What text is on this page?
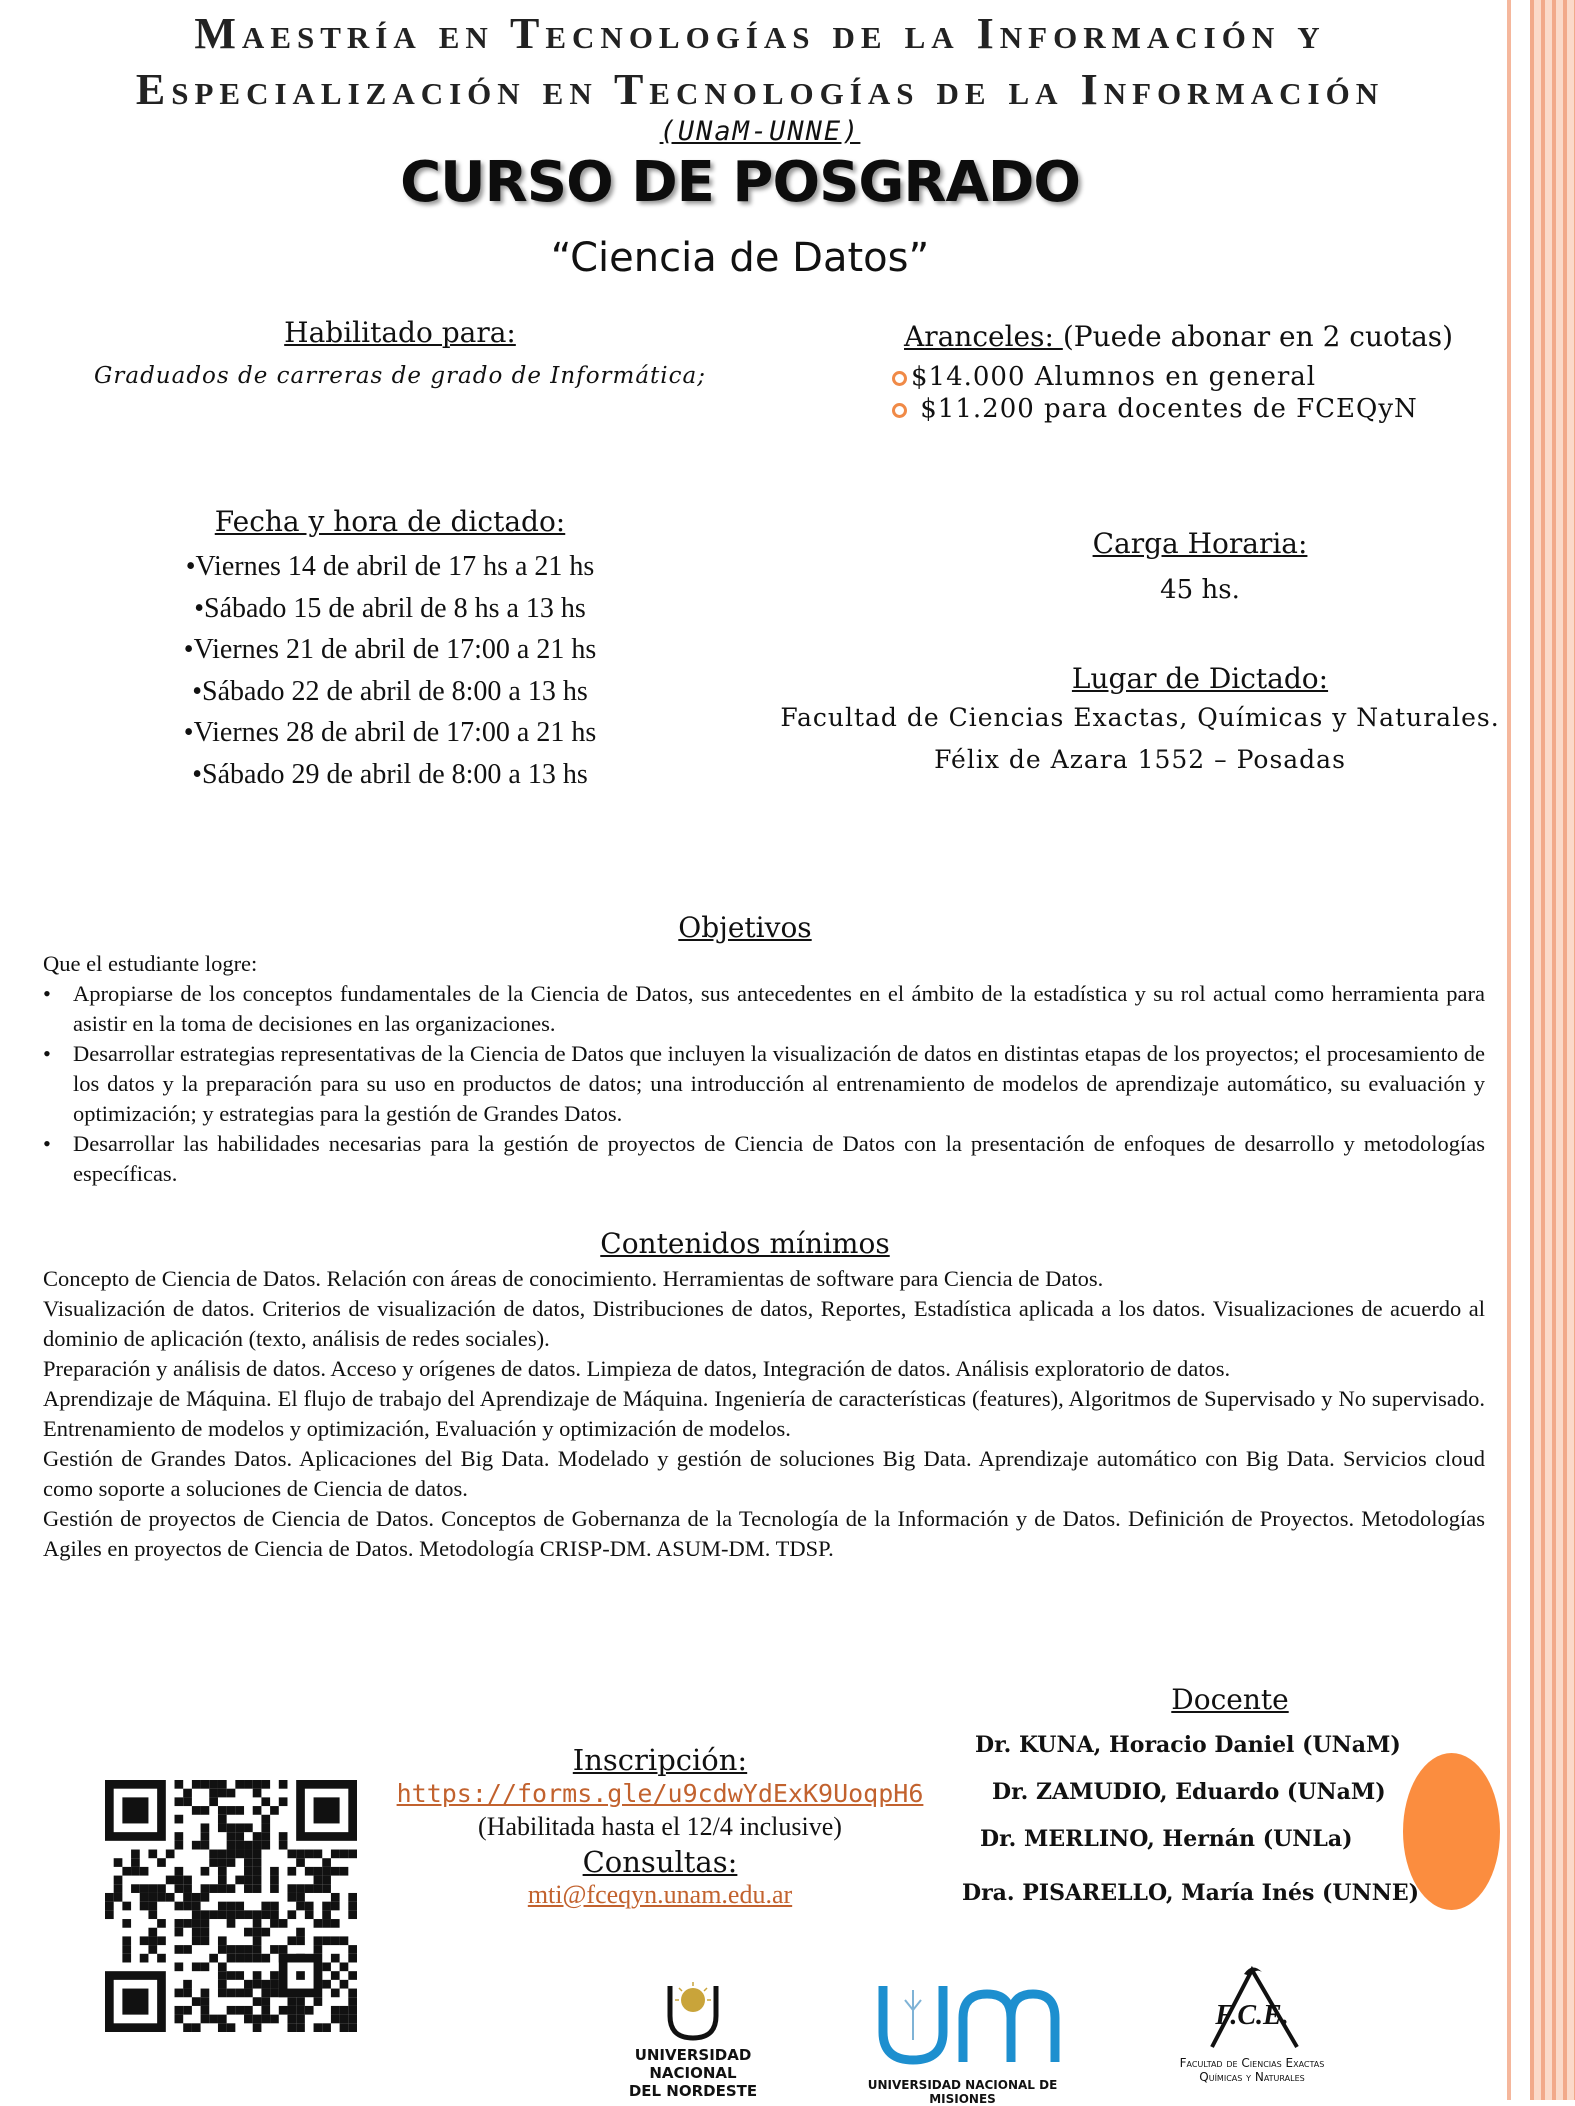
Maestría en Tecnologías de la Información y
Especialización en Tecnologías de la Información
(UNaM-UNNE)
CURSO DE POSGRADO
“Ciencia de Datos”
Habilitado para:
Graduados de carreras de grado de Informática;
Aranceles: (Puede abonar en 2 cuotas)
$14.000 Alumnos en general
$11.200 para docentes de FCEQyN
Fecha y hora de dictado:
•Viernes 14 de abril de 17 hs a 21 hs
•Sábado 15 de abril de 8 hs a 13 hs
•Viernes 21 de abril de 17:00 a 21 hs
•Sábado 22 de abril de 8:00 a 13 hs
•Viernes 28 de abril de 17:00 a 21 hs
•Sábado 29 de abril de 8:00 a 13 hs
Carga Horaria:
45 hs.
Lugar de Dictado:
Facultad de Ciencias Exactas, Químicas y Naturales.
Félix de Azara 1552 – Posadas
Objetivos
Que el estudiante logre:
• Apropiarse de los conceptos fundamentales de la Ciencia de Datos, sus antecedentes en el ámbito de la estadística y su rol actual como herramienta para asistir en la toma de decisiones en las organizaciones.
• Desarrollar estrategias representativas de la Ciencia de Datos que incluyen la visualización de datos en distintas etapas de los proyectos; el procesamiento de los datos y la preparación para su uso en productos de datos; una introducción al entrenamiento de modelos de aprendizaje automático, su evaluación y optimización; y estrategias para la gestión de Grandes Datos.
• Desarrollar las habilidades necesarias para la gestión de proyectos de Ciencia de Datos con la presentación de enfoques de desarrollo y metodologías específicas.
Contenidos mínimos
Concepto de Ciencia de Datos. Relación con áreas de conocimiento. Herramientas de software para Ciencia de Datos.
Visualización de datos. Criterios de visualización de datos, Distribuciones de datos, Reportes, Estadística aplicada a los datos. Visualizaciones de acuerdo al dominio de aplicación (texto, análisis de redes sociales).
Preparación y análisis de datos. Acceso y orígenes de datos. Limpieza de datos, Integración de datos. Análisis exploratorio de datos.
Aprendizaje de Máquina. El flujo de trabajo del Aprendizaje de Máquina. Ingeniería de características (features), Algoritmos de Supervisado y No supervisado. Entrenamiento de modelos y optimización, Evaluación y optimización de modelos.
Gestión de Grandes Datos. Aplicaciones del Big Data. Modelado y gestión de soluciones Big Data. Aprendizaje automático con Big Data. Servicios cloud como soporte a soluciones de Ciencia de datos.
Gestión de proyectos de Ciencia de Datos. Conceptos de Gobernanza de la Tecnología de la Información y de Datos. Definición de Proyectos. Metodologías Agiles en proyectos de Ciencia de Datos. Metodología CRISP-DM. ASUM-DM. TDSP.
Inscripción:
https://forms.gle/u9cdwYdExK9UoqpH6
(Habilitada hasta el 12/4 inclusive)
Consultas:
mti@fceqyn.unam.edu.ar
Docente
Dr. KUNA, Horacio Daniel (UNaM)
Dr. ZAMUDIO, Eduardo (UNaM)
Dr. MERLINO, Hernán (UNLa)
Dra. PISARELLO, María Inés (UNNE)
UNIVERSIDAD NACIONAL
DEL NORDESTE	UNIVERSIDAD NACIONAL DE MISIONES
F.C.E.
Facultad de Ciencias Exactas
Químicas y Naturales
